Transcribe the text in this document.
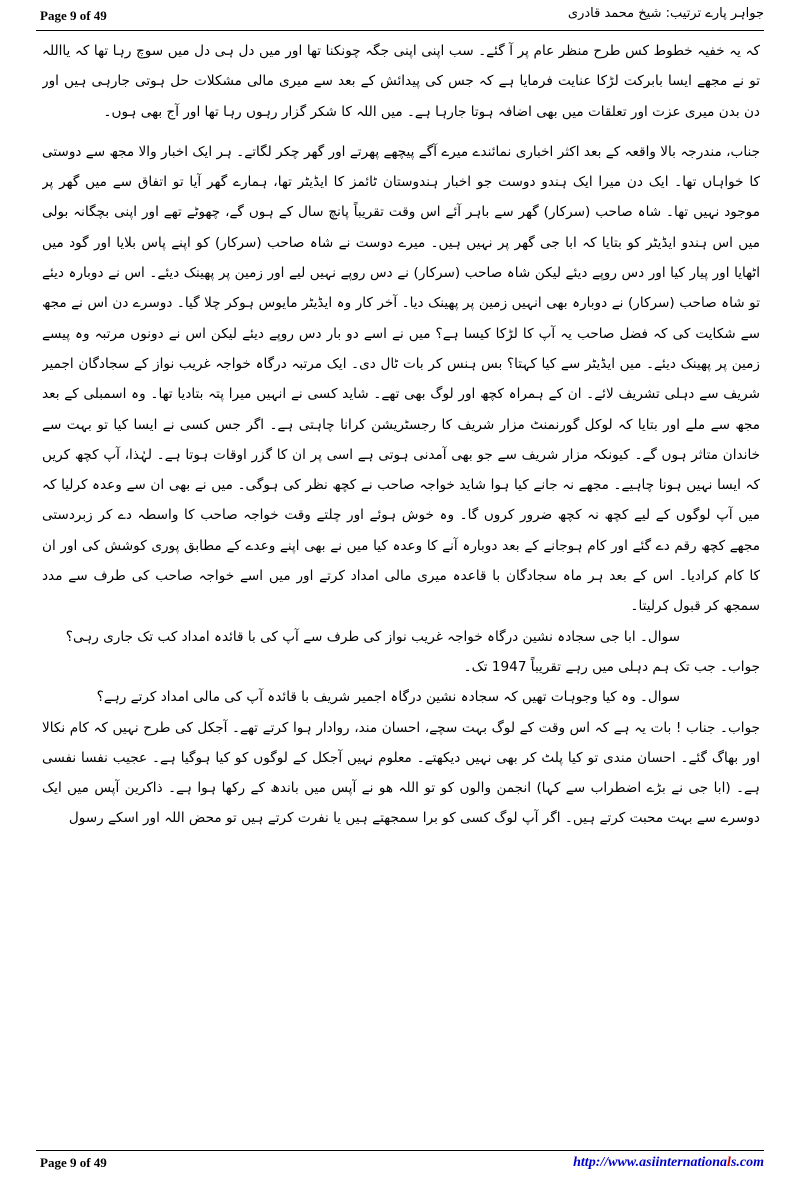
Page 9 of 49	جواہر پارے ترتیب: شیخ محمد قادری

کہ یہ خفیہ خطوط کس طرح منظر عام پر آ گئے۔ سب اپنی اپنی جگہ چونکنا تھا اور میں دل ہی دل میں سوچ رہا تھا کہ یااللہ تو نے مجھے ایسا بابرکت لڑکا عنایت فرمایا ہے کہ جس کی پیدائش کے بعد سے میری مالی مشکلات حل ہوتی جارہی ہیں اور دن بدن میری عزت اور تعلقات میں بھی اضافہ ہوتا جارہا ہے۔ میں اللہ کا شکر گزار رہوں رہا تھا اور آج بھی ہوں۔

جناب، مندرجہ بالا واقعہ کے بعد اکثر اخباری نمائندے میرے آگے پیچھے پھرتے اور گھر چکر لگاتے۔ ہر ایک اخبار والا مجھ سے دوستی کا خواہاں تھا۔ ایک دن میرا ایک ہندو دوست جو اخبار ہندوستان ٹائمز کا ایڈیٹر تھا، ہمارے گھر آیا تو اتفاق سے میں گھر پر موجود نہیں تھا۔ شاہ صاحب (سرکار) گھر سے باہر آئے اس وقت تقریباً پانچ سال کے ہوں گے، چھوٹے تھے اور اپنی بچگانہ بولی میں اس ہندو ایڈیٹر کو بتایا کہ ابا جی گھر پر نہیں ہیں۔ میرے دوست نے شاہ صاحب (سرکار) کو اپنے پاس بلایا اور گود میں اٹھایا اور پیار کیا اور دس روپے دیئے لیکن شاہ صاحب (سرکار) نے دس روپے نہیں لیے اور زمین پر پھینک دیئے۔ اس نے دوبارہ دیئے تو شاہ صاحب (سرکار) نے دوبارہ بھی انہیں زمین پر پھینک دیا۔ آخر کار وہ ایڈیٹر مایوس ہوکر چلا گیا۔ دوسرے دن اس نے مجھ سے شکایت کی کہ فضل صاحب یہ آپ کا لڑکا کیسا ہے؟ میں نے اسے دو بار دس روپے دیئے لیکن اس نے دونوں مرتبہ وہ پیسے زمین پر پھینک دیئے۔ میں ایڈیٹر سے کیا کہتا؟ بس ہنس کر بات ٹال دی۔ ایک مرتبہ درگاہ خواجہ غریب نواز کے سجادگان اجمیر شریف سے دہلی تشریف لائے۔ ان کے ہمراہ کچھ اور لوگ بھی تھے۔ شاید کسی نے انہیں میرا پتہ بتادیا تھا۔ وہ اسمبلی کے بعد مجھ سے ملے اور بتایا کہ لوکل گورنمنٹ مزار شریف کا رجسٹریشن کرانا چاہتی ہے۔ اگر جس کسی نے ایسا کیا تو بہت سے خاندان متاثر ہوں گے۔ کیونکہ مزار شریف سے جو بھی آمدنی ہوتی ہے اسی پر ان کا گزر اوقات ہوتا ہے۔ لہٰذا، آپ کچھ کریں کہ ایسا نہیں ہونا چاہیے۔ مجھے نہ جانے کیا ہوا شاید خواجہ صاحب نے کچھ نظر کی ہوگی۔ میں نے بھی ان سے وعدہ کرلیا کہ میں آپ لوگوں کے لیے کچھ نہ کچھ ضرور کروں گا۔ وہ خوش ہوئے اور چلتے وقت خواجہ صاحب کا واسطہ دے کر زبردستی مجھے کچھ رقم دے گئے اور کام ہوجانے کے بعد دوبارہ آنے کا وعدہ کیا میں نے بھی اپنے وعدے کے مطابق پوری کوشش کی اور ان کا کام کرادیا۔ اس کے بعد ہر ماہ سجادگان با قاعدہ میری مالی امداد کرتے اور میں اسے خواجہ صاحب کی طرف سے مدد سمجھ کر قبول کرلیتا۔

سوال۔ ابا جی سجادہ نشین درگاہ خواجہ غریب نواز کی طرف سے آپ کی با قائدہ امداد کب تک جاری رہی؟

جواب۔ جب تک ہم دہلی میں رہے تقریباً 1947 تک۔

سوال۔ وہ کیا وجوہات تھیں کہ سجادہ نشین درگاہ اجمیر شریف با قائدہ آپ کی مالی امداد کرتے رہے؟

جواب۔ جناب ! بات یہ ہے کہ اس وقت کے لوگ بہت سچے، احسان مند، روادار ہوا کرتے تھے۔ آجکل کی طرح نہیں کہ کام نکالا اور بھاگ گئے۔ احسان مندی تو کیا پلٹ کر بھی نہیں دیکھتے۔ معلوم نہیں آجکل کے لوگوں کو کیا ہوگیا ہے۔ عجیب نفسا نفسی ہے۔ (ابا جی نے بڑے اضطراب سے کہا) انجمن والوں کو تو اللہ ھو نے آپس میں باندھ کے رکھا ہوا ہے۔ ذاکرین آپس میں ایک دوسرے سے بہت محبت کرتے ہیں۔ اگر آپ لوگ کسی کو برا سمجھتے ہیں یا نفرت کرتے ہیں تو محض اللہ اور اسکے رسول

Page 9 of 49	http://www.asiinternationals.com
